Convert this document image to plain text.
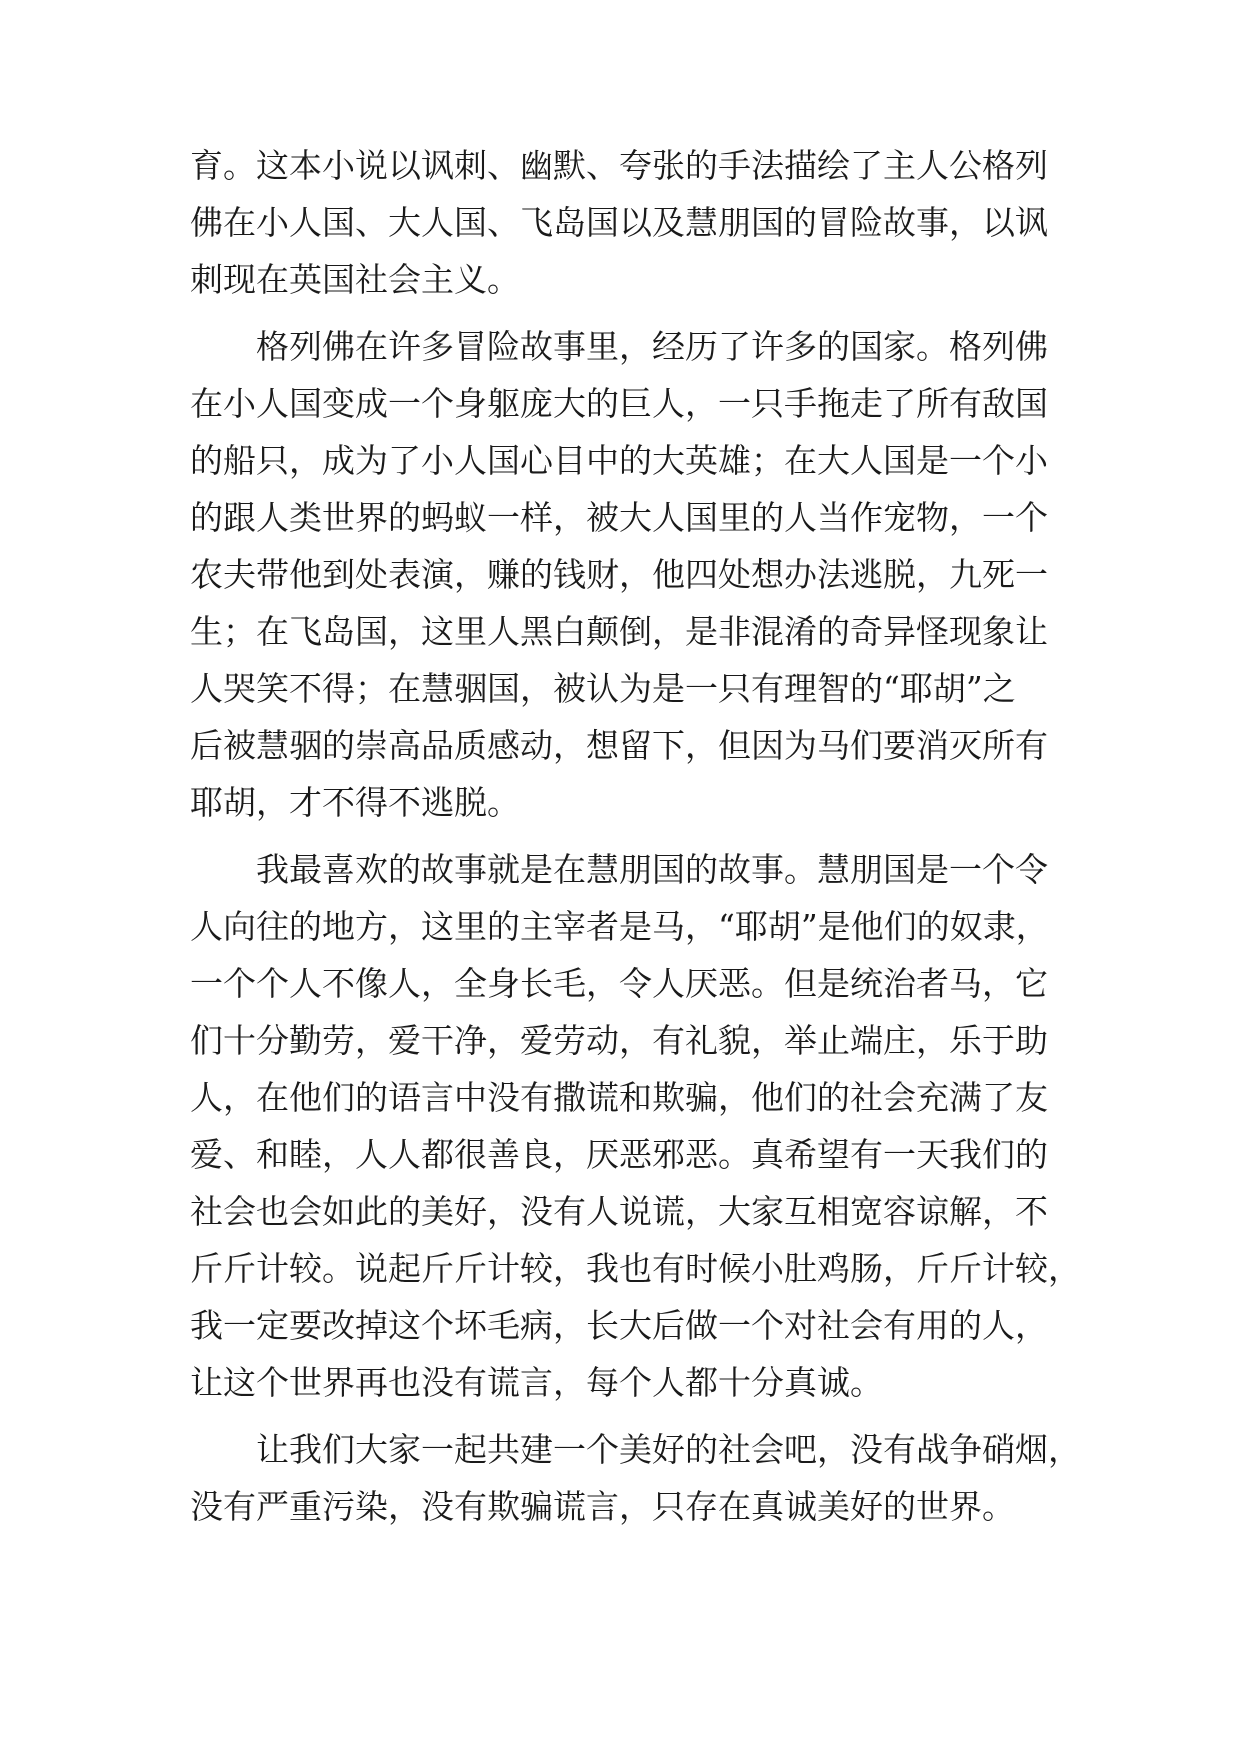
育。这本小说以讽刺、幽默、夸张的手法描绘了主人公格列

佛在小人国、大人国、飞岛国以及慧朋国的冒险故事，以讽

刺现在英国社会主义。

格列佛在许多冒险故事里，经历了许多的国家。格列佛

在小人国变成一个身躯庞大的巨人，一只手拖走了所有敌国

的船只，成为了小人国心目中的大英雄；在大人国是一个小

的跟人类世界的蚂蚁一样，被大人国里的人当作宠物，一个

农夫带他到处表演，赚的钱财，他四处想办法逃脱，九死一

生；在飞岛国，这里人黑白颠倒，是非混淆的奇异怪现象让

人哭笑不得；在慧骃国，被认为是一只有理智的“耶胡”之

后被慧骃的崇高品质感动，想留下，但因为马们要消灭所有

耶胡，才不得不逃脱。

我最喜欢的故事就是在慧朋国的故事。慧朋国是一个令

人向往的地方，这里的主宰者是马，“耶胡”是他们的奴隶，

一个个人不像人，全身长毛，令人厌恶。但是统治者马，它

们十分勤劳，爱干净，爱劳动，有礼貌，举止端庄，乐于助

人，在他们的语言中没有撒谎和欺骗，他们的社会充满了友

爱、和睦，人人都很善良，厌恶邪恶。真希望有一天我们的

社会也会如此的美好，没有人说谎，大家互相宽容谅解，不

斤斤计较。说起斤斤计较，我也有时候小肚鸡肠，斤斤计较，

我一定要改掉这个坏毛病，长大后做一个对社会有用的人，

让这个世界再也没有谎言，每个人都十分真诚。

让我们大家一起共建一个美好的社会吧，没有战争硝烟，

没有严重污染，没有欺骗谎言，只存在真诚美好的世界。
